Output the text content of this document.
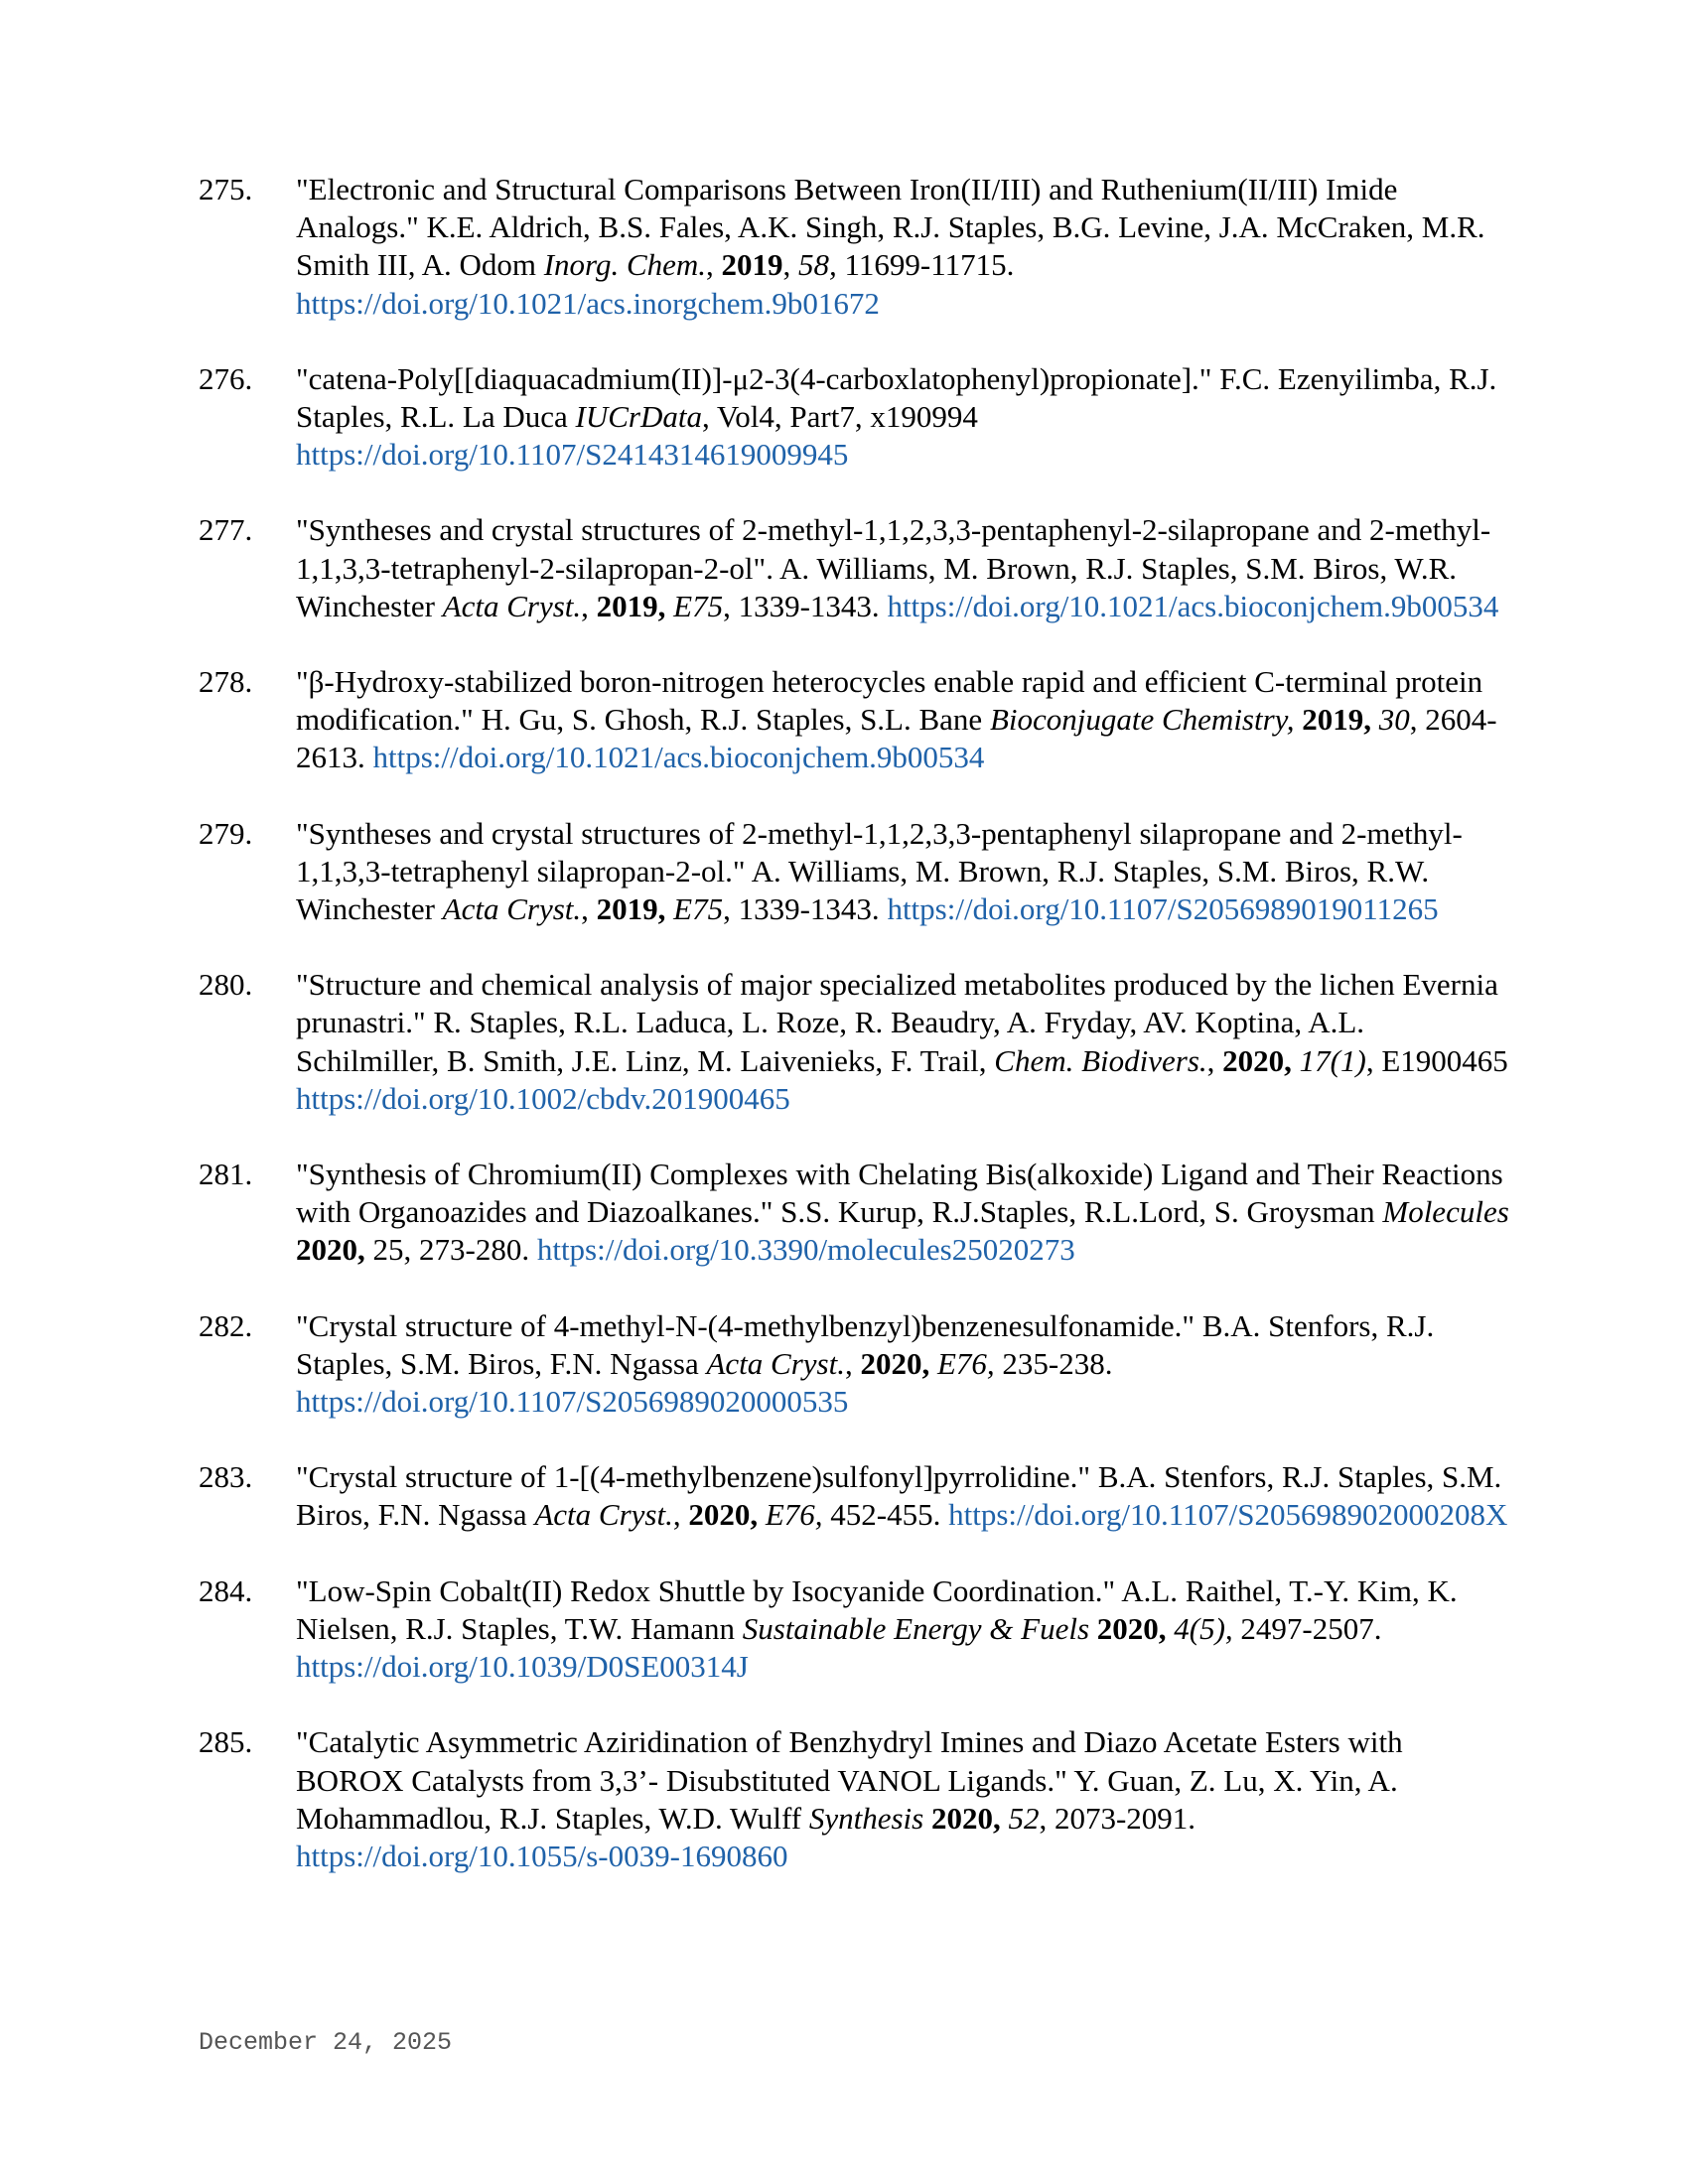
275. "Electronic and Structural Comparisons Between Iron(II/III) and Ruthenium(II/III) Imide Analogs." K.E. Aldrich, B.S. Fales, A.K. Singh, R.J. Staples, B.G. Levine, J.A. McCraken, M.R. Smith III, A. Odom Inorg. Chem., 2019, 58, 11699-11715. https://doi.org/10.1021/acs.inorgchem.9b01672
276. "catena-Poly[[diaquacadmium(II)]-μ2-3(4-carboxlatophenyl)propionate]." F.C. Ezenyilimba, R.J. Staples, R.L. La Duca IUCrData, Vol4, Part7, x190994 https://doi.org/10.1107/S2414314619009945
277. "Syntheses and crystal structures of 2-methyl-1,1,2,3,3-pentaphenyl-2-silapropane and 2-methyl-1,1,3,3-tetraphenyl-2-silapropan-2-ol". A. Williams, M. Brown, R.J. Staples, S.M. Biros, W.R. Winchester Acta Cryst., 2019, E75, 1339-1343. https://doi.org/10.1021/acs.bioconjchem.9b00534
278. "β-Hydroxy-stabilized boron-nitrogen heterocycles enable rapid and efficient C-terminal protein modification." H. Gu, S. Ghosh, R.J. Staples, S.L. Bane Bioconjugate Chemistry, 2019, 30, 2604-2613. https://doi.org/10.1021/acs.bioconjchem.9b00534
279. "Syntheses and crystal structures of 2-methyl-1,1,2,3,3-pentaphenyl silapropane and 2-methyl-1,1,3,3-tetraphenyl silapropan-2-ol." A. Williams, M. Brown, R.J. Staples, S.M. Biros, R.W. Winchester Acta Cryst., 2019, E75, 1339-1343. https://doi.org/10.1107/S2056989019011265
280. "Structure and chemical analysis of major specialized metabolites produced by the lichen Evernia prunastri." R. Staples, R.L. Laduca, L. Roze, R. Beaudry, A. Fryday, AV. Koptina, A.L. Schilmiller, B. Smith, J.E. Linz, M. Laivenieks, F. Trail, Chem. Biodivers., 2020, 17(1), E1900465 https://doi.org/10.1002/cbdv.201900465
281. "Synthesis of Chromium(II) Complexes with Chelating Bis(alkoxide) Ligand and Their Reactions with Organoazides and Diazoalkanes." S.S. Kurup, R.J.Staples, R.L.Lord, S. Groysman Molecules 2020, 25, 273-280. https://doi.org/10.3390/molecules25020273
282. "Crystal structure of 4-methyl-N-(4-methylbenzyl)benzenesulfonamide." B.A. Stenfors, R.J. Staples, S.M. Biros, F.N. Ngassa Acta Cryst., 2020, E76, 235-238. https://doi.org/10.1107/S2056989020000535
283. "Crystal structure of 1-[(4-methylbenzene)sulfonyl]pyrrolidine." B.A. Stenfors, R.J. Staples, S.M. Biros, F.N. Ngassa Acta Cryst., 2020, E76, 452-455. https://doi.org/10.1107/S205698902000208X
284. "Low-Spin Cobalt(II) Redox Shuttle by Isocyanide Coordination." A.L. Raithel, T.-Y. Kim, K. Nielsen, R.J. Staples, T.W. Hamann Sustainable Energy & Fuels 2020, 4(5), 2497-2507. https://doi.org/10.1039/D0SE00314J
285. "Catalytic Asymmetric Aziridination of Benzhydryl Imines and Diazo Acetate Esters with BOROX Catalysts from 3,3’- Disubstituted VANOL Ligands." Y. Guan, Z. Lu, X. Yin, A. Mohammadlou, R.J. Staples, W.D. Wulff Synthesis 2020, 52, 2073-2091. https://doi.org/10.1055/s-0039-1690860
December 24, 2025
